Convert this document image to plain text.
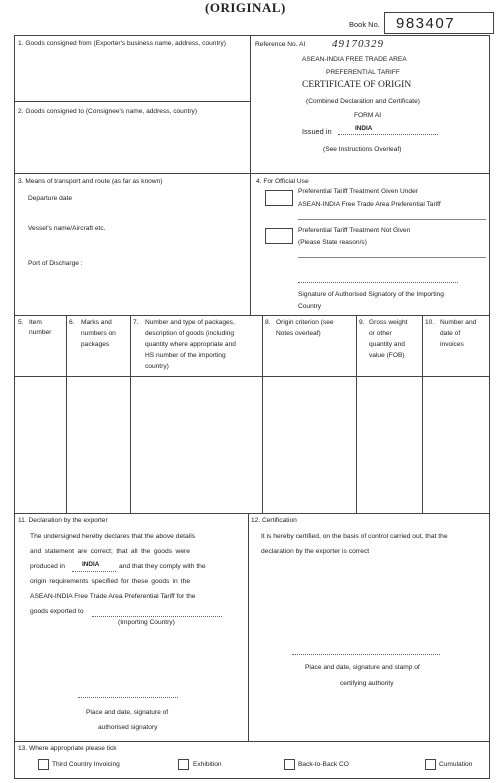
(ORIGINAL)
Book No. 983407
1. Goods consigned from (Exporter's business name, address, country)
2. Goods consigned to (Consignee's name, address, country)
Reference No. AI 49170329
ASEAN-INDIA FREE TRADE AREA
PREFERENTIAL TARIFF
CERTIFICATE OF ORIGIN
(Combined Declaration and Certificate)
FORM AI
Issued in	INDIA
(See Instructions Overleaf)
3. Means of transport and route (as far as known)
Departure date
Vessel's name/Aircraft etc.
Port of Discharge :
4. For Official Use
Preferential Tariff Treatment Given Under
ASEAN-INDIA Free Trade Area Preferential Tariff
Preferential Tariff Treatment Not Given
(Please State reason/s)
Signature of Authorised Signatory of the Importing
Country
5. Item
number
6. Marks and
numbers on
packages
7. Number and type of packages,
description of goods (including
quantity where appropriate and
HS number of the importing
country)
8. Origin criterion (see
Notes overleaf)
9. Gross weight
or other
quantity and
value (FOB)
10. Number and
date of
invoices
11. Declaration by the exporter
The undersigned hereby declares that the above details
and statement are correct; that all the goods were
produced in	INDIA	and that they comply with the
origin requirements specified for these goods in the
ASEAN-INDIA Free Trade Area Preferential Tariff for the
goods exported to
(Importing Country)
Place and date, signature of
authorised signatory
12. Certification
It is hereby certified, on the basis of control carried out, that the
declaration by the exporter is correct
Place and date, signature and stamp of
certifying authority
13. Where appropriate please tick
Third Country Invoicing	Exhibition	Back-to-Back CO	Cumulation
